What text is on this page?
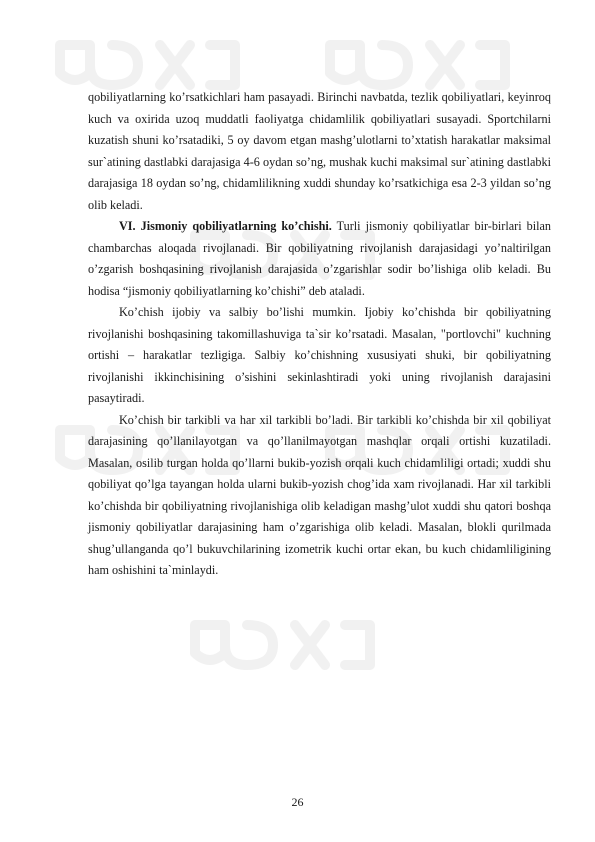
qobiliyatlarning ko’rsatkichlari ham pasayadi. Birinchi navbatda, tezlik qobiliyatlari, keyinroq kuch va oxirida uzoq muddatli faoliyatga chidamlilik qobiliyatlari susayadi. Sportchilarni kuzatish shuni ko’rsatadiki, 5 oy davom etgan mashg’ulotlarni to’xtatish harakatlar maksimal sur`atining dastlabki darajasiga 4-6 oydan so’ng, mushak kuchi maksimal sur`atining dastlabki darajasiga 18 oydan so’ng, chidamlilikning xuddi shunday ko’rsatkichiga esa 2-3 yildan so’ng olib keladi.

VI. Jismoniy qobiliyatlarning ko’chishi. Turli jismoniy qobiliyatlar bir-birlari bilan chambarchas aloqada rivojlanadi. Bir qobiliyatning rivojlanish darajasidagi yo’naltirilgan o’zgarish boshqasining rivojlanish darajasida o’zgarishlar sodir bo’lishiga olib keladi. Bu hodisa “jismoniy qobiliyatlarning ko’chishi” deb ataladi.

Ko’chish ijobiy va salbiy bo’lishi mumkin. Ijobiy ko’chishda bir qobiliyatning rivojlanishi boshqasining takomillashuviga ta`sir ko’rsatadi. Masalan, "portlovchi" kuchning ortishi – harakatlar tezligiga. Salbiy ko’chishning xususiyati shuki, bir qobiliyatning rivojlanishi ikkinchisining o’sishini sekinlashtiradi yoki uning rivojlanish darajasini pasaytiradi.

Ko’chish bir tarkibli va har xil tarkibli bo’ladi. Bir tarkibli ko’chishda bir xil qobiliyat darajasining qo’llanilayotgan va qo’llanilmayotgan mashqlar orqali ortishi kuzatiladi. Masalan, osilib turgan holda qo’llarni bukib-yozish orqali kuch chidamliligi ortadi; xuddi shu qobiliyat qo’lga tayangan holda ularni bukib-yozish chog’ida xam rivojlanadi. Har xil tarkibli ko’chishda bir qobiliyatning rivojlanishiga olib keladigan mashg’ulot xuddi shu qatori boshqa jismoniy qobiliyatlar darajasining ham o’zgarishiga olib keladi. Masalan, blokli qurilmada shug’ullanganda qo’l bukuvchilarining izometrik kuchi ortar ekan, bu kuch chidamliligining ham oshishini ta`minlaydi.

26
